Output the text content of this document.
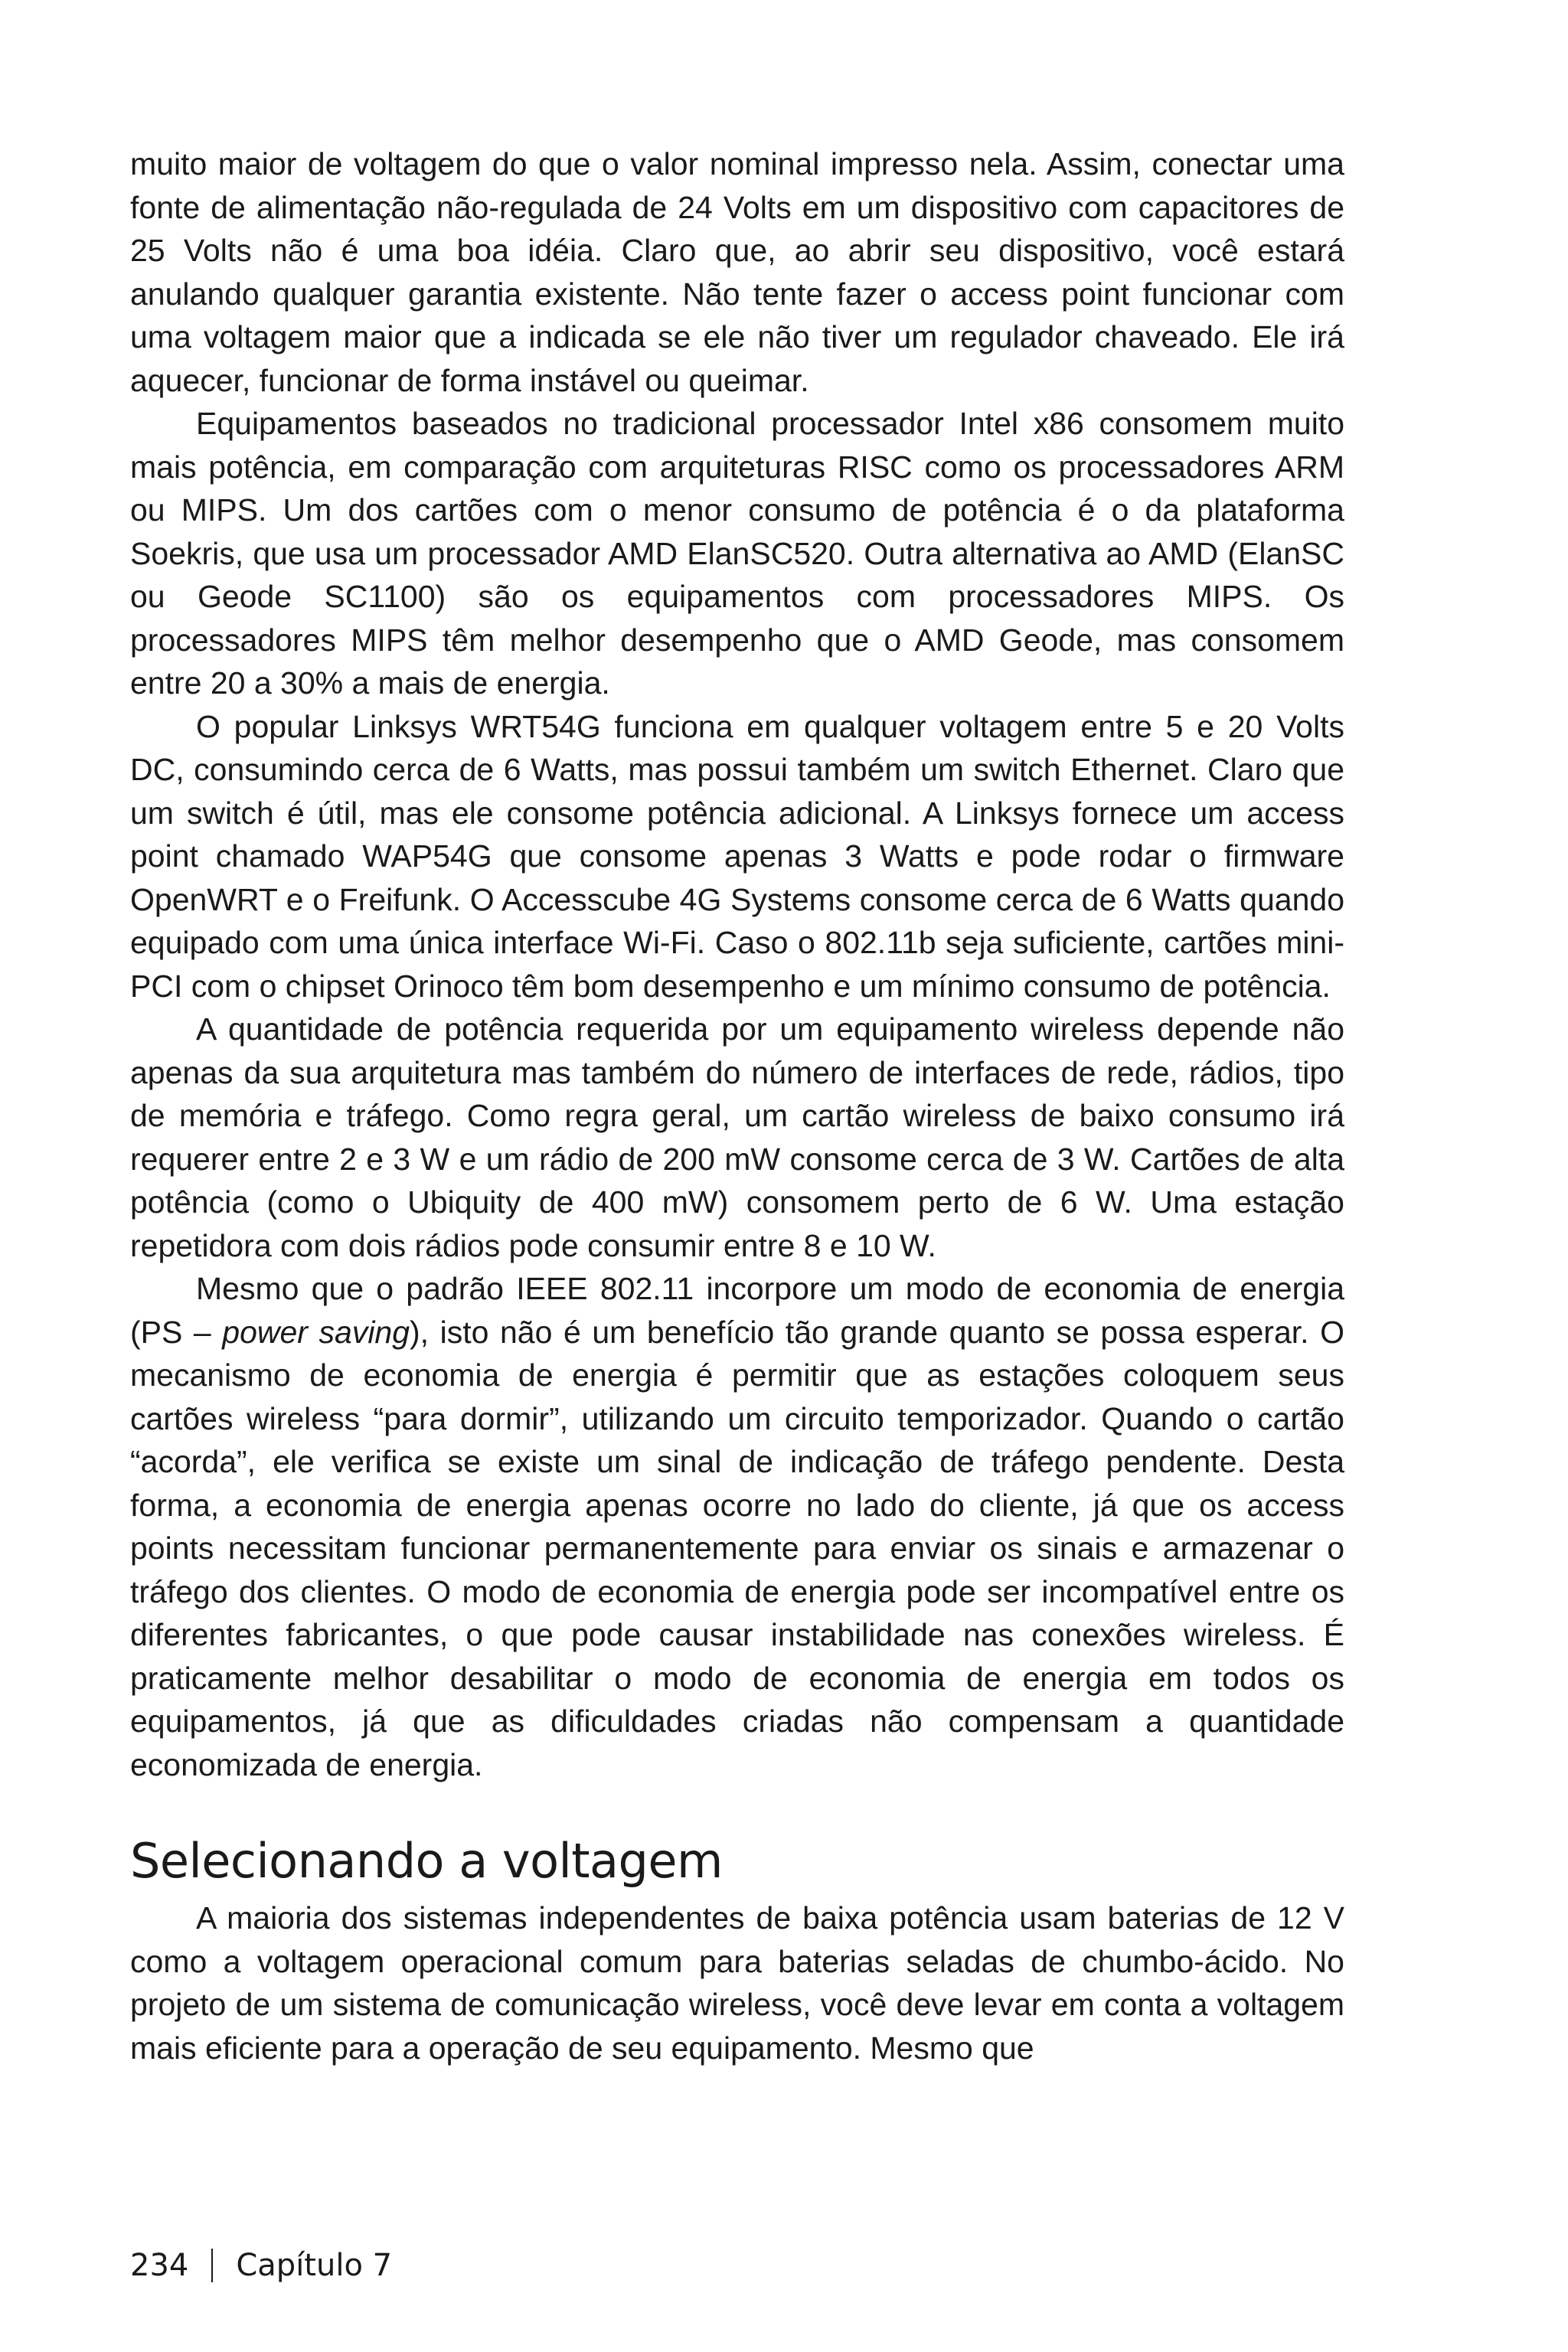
muito maior de voltagem do que o valor nominal impresso nela. Assim, conectar uma fonte de alimentação não-regulada de 24 Volts em um dispositivo com capacitores de 25 Volts não é uma boa idéia. Claro que, ao abrir seu dispositivo, você estará anulando qualquer garantia existente. Não tente fazer o access point funcionar com uma voltagem maior que a indicada se ele não tiver um regulador chaveado. Ele irá aquecer, funcionar de forma instável ou queimar.

Equipamentos baseados no tradicional processador Intel x86 consomem muito mais potência, em comparação com arquiteturas RISC como os processadores ARM ou MIPS. Um dos cartões com o menor consumo de potência é o da plataforma Soekris, que usa um processador AMD ElanSC520. Outra alternativa ao AMD (ElanSC ou Geode SC1100) são os equipamentos com processadores MIPS. Os processadores MIPS têm melhor desempenho que o AMD Geode, mas consomem entre 20 a 30% a mais de energia.

O popular Linksys WRT54G funciona em qualquer voltagem entre 5 e 20 Volts DC, consumindo cerca de 6 Watts, mas possui também um switch Ethernet. Claro que um switch é útil, mas ele consome potência adicional. A Linksys fornece um access point chamado WAP54G que consome apenas 3 Watts e pode rodar o firmware OpenWRT e o Freifunk. O Accesscube 4G Systems consome cerca de 6 Watts quando equipado com uma única interface Wi-Fi. Caso o 802.11b seja suficiente, cartões mini-PCI com o chipset Orinoco têm bom desempenho e um mínimo consumo de potência.

A quantidade de potência requerida por um equipamento wireless depende não apenas da sua arquitetura mas também do número de interfaces de rede, rádios, tipo de memória e tráfego. Como regra geral, um cartão wireless de baixo consumo irá requerer entre 2 e 3 W e um rádio de 200 mW consome cerca de 3 W. Cartões de alta potência (como o Ubiquity de 400 mW) consomem perto de 6 W. Uma estação repetidora com dois rádios pode consumir entre 8 e 10 W.

Mesmo que o padrão IEEE 802.11 incorpore um modo de economia de energia (PS – power saving), isto não é um benefício tão grande quanto se possa esperar. O mecanismo de economia de energia é permitir que as estações coloquem seus cartões wireless “para dormir”, utilizando um circuito temporizador. Quando o cartão “acorda”, ele verifica se existe um sinal de indicação de tráfego pendente. Desta forma, a economia de energia apenas ocorre no lado do cliente, já que os access points necessitam funcionar permanentemente para enviar os sinais e armazenar o tráfego dos clientes. O modo de economia de energia pode ser incompatível entre os diferentes fabricantes, o que pode causar instabilidade nas conexões wireless. É praticamente melhor desabilitar o modo de economia de energia em todos os equipamentos, já que as dificuldades criadas não compensam a quantidade economizada de energia.

Selecionando a voltagem

A maioria dos sistemas independentes de baixa potência usam baterias de 12 V como a voltagem operacional comum para baterias seladas de chumbo-ácido. No projeto de um sistema de comunicação wireless, você deve levar em conta a voltagem mais eficiente para a operação de seu equipamento. Mesmo que

234 Capítulo 7
